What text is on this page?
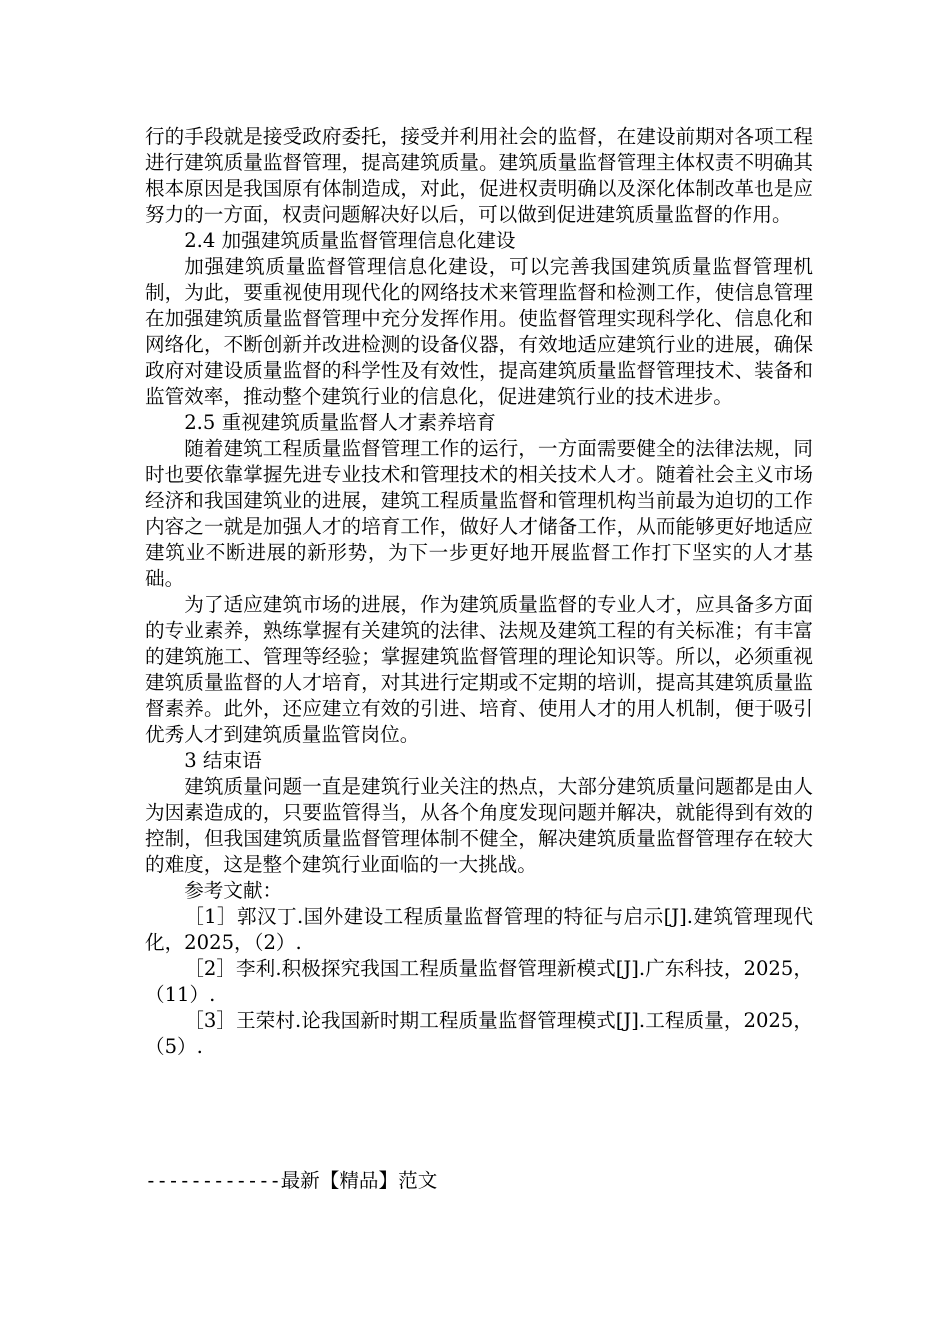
行的手段就是接受政府委托，接受并利用社会的监督，在建设前期对各项工程进行建筑质量监督管理，提高建筑质量。建筑质量监督管理主体权责不明确其根本原因是我国原有体制造成，对此，促进权责明确以及深化体制改革也是应努力的一方面，权责问题解决好以后，可以做到促进建筑质量监督的作用。

2.4 加强建筑质量监督管理信息化建设

加强建筑质量监督管理信息化建设，可以完善我国建筑质量监督管理机制，为此，要重视使用现代化的网络技术来管理监督和检测工作，使信息管理在加强建筑质量监督管理中充分发挥作用。使监督管理实现科学化、信息化和网络化，不断创新并改进检测的设备仪器，有效地适应建筑行业的进展，确保政府对建设质量监督的科学性及有效性，提高建筑质量监督管理技术、装备和监管效率，推动整个建筑行业的信息化，促进建筑行业的技术进步。

2.5 重视建筑质量监督人才素养培育

随着建筑工程质量监督管理工作的运行，一方面需要健全的法律法规，同时也要依靠掌握先进专业技术和管理技术的相关技术人才。随着社会主义市场经济和我国建筑业的进展，建筑工程质量监督和管理机构当前最为迫切的工作内容之一就是加强人才的培育工作，做好人才储备工作，从而能够更好地适应建筑业不断进展的新形势，为下一步更好地开展监督工作打下坚实的人才基础。

为了适应建筑市场的进展，作为建筑质量监督的专业人才，应具备多方面的专业素养，熟练掌握有关建筑的法律、法规及建筑工程的有关标准；有丰富的建筑施工、管理等经验；掌握建筑监督管理的理论知识等。所以，必须重视建筑质量监督的人才培育，对其进行定期或不定期的培训，提高其建筑质量监督素养。此外，还应建立有效的引进、培育、使用人才的用人机制，便于吸引优秀人才到建筑质量监管岗位。

3 结束语

建筑质量问题一直是建筑行业关注的热点，大部分建筑质量问题都是由人为因素造成的，只要监管得当，从各个角度发现问题并解决，就能得到有效的控制，但我国建筑质量监督管理体制不健全，解决建筑质量监督管理存在较大的难度，这是整个建筑行业面临的一大挑战。

参考文献：

［1］郭汉丁.国外建设工程质量监督管理的特征与启示[J].建筑管理现代化，2025，（2）.

［2］李利.积极探究我国工程质量监督管理新模式[J].广东科技，2025，（11）.

［3］王荣村.论我国新时期工程质量监督管理模式[J].工程质量，2025，（5）.

------------最新【精品】范文
